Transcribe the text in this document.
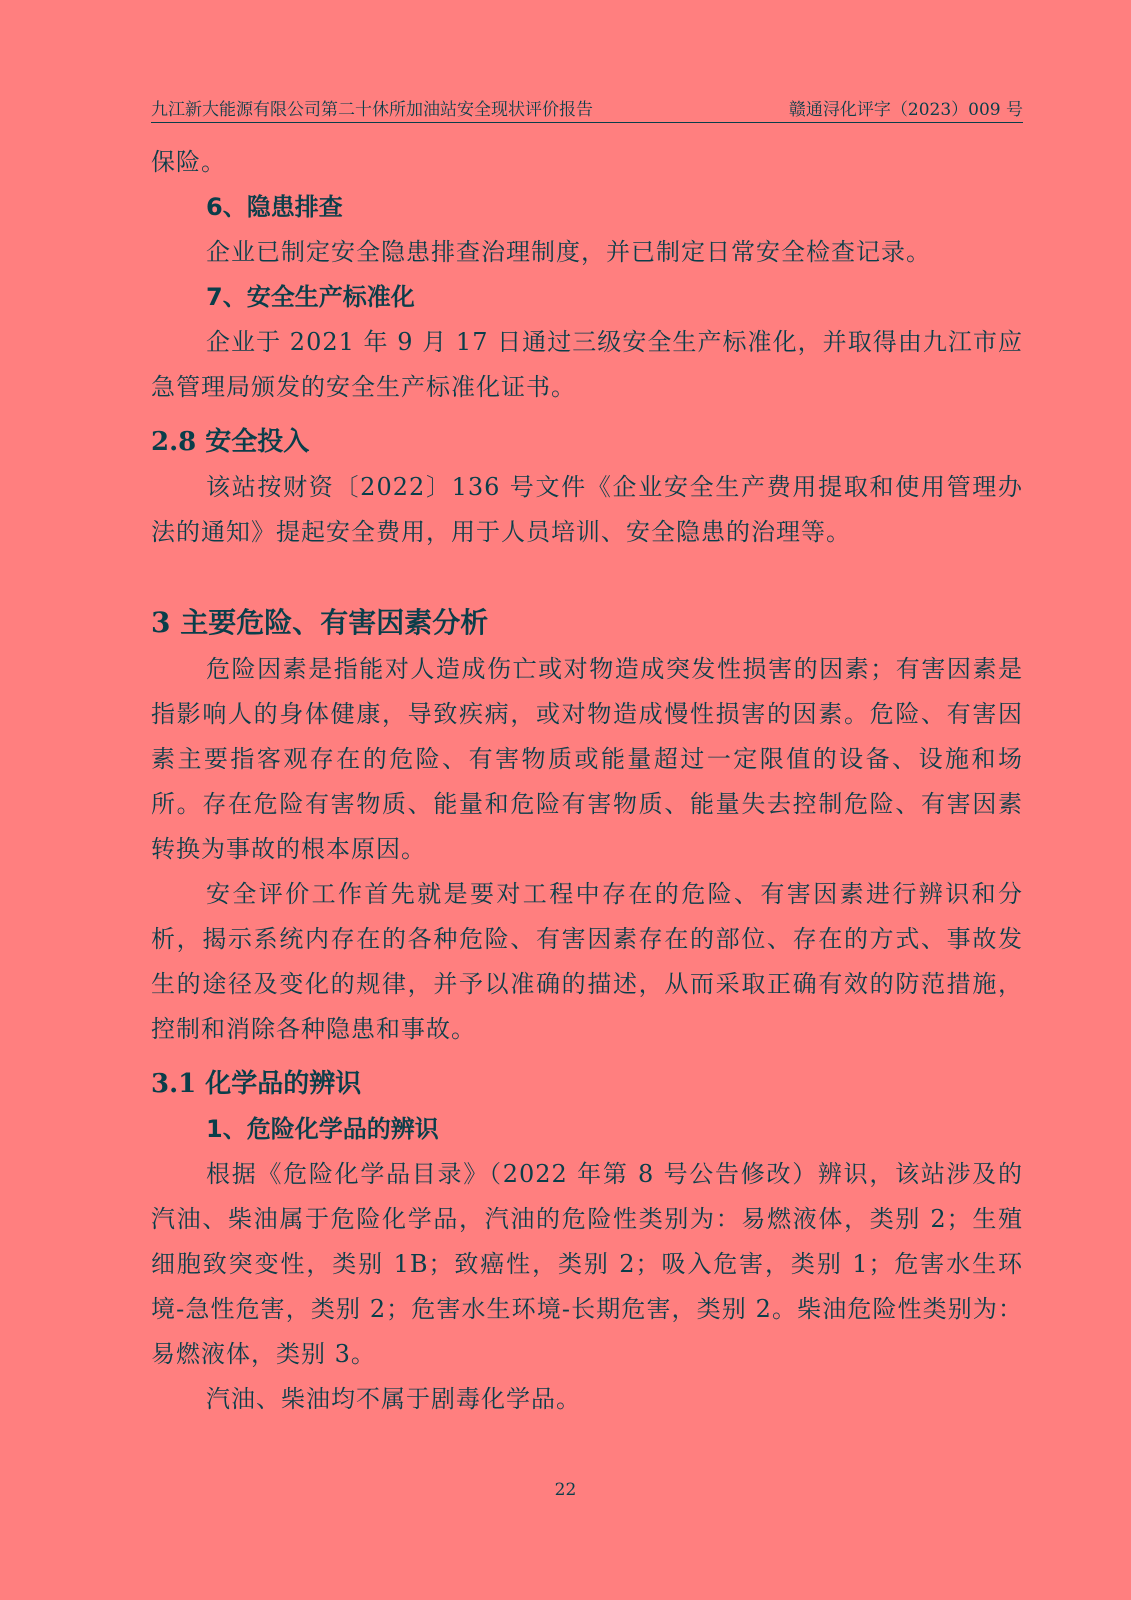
九江新大能源有限公司第二十休所加油站安全现状评价报告	赣通浔化评字（2023）009 号

保险。

6、隐患排查

企业已制定安全隐患排查治理制度，并已制定日常安全检查记录。

7、安全生产标准化

企业于 2021 年 9 月 17 日通过三级安全生产标准化，并取得由九江市应急管理局颁发的安全生产标准化证书。

2.8 安全投入

该站按财资〔2022〕136 号文件《企业安全生产费用提取和使用管理办法的通知》提起安全费用，用于人员培训、安全隐患的治理等。

3 主要危险、有害因素分析

危险因素是指能对人造成伤亡或对物造成突发性损害的因素；有害因素是指影响人的身体健康，导致疾病，或对物造成慢性损害的因素。危险、有害因素主要指客观存在的危险、有害物质或能量超过一定限值的设备、设施和场所。存在危险有害物质、能量和危险有害物质、能量失去控制危险、有害因素转换为事故的根本原因。

安全评价工作首先就是要对工程中存在的危险、有害因素进行辨识和分析，揭示系统内存在的各种危险、有害因素存在的部位、存在的方式、事故发生的途径及变化的规律，并予以准确的描述，从而采取正确有效的防范措施，控制和消除各种隐患和事故。

3.1 化学品的辨识
1、危险化学品的辨识

根据《危险化学品目录》（2022 年第 8 号公告修改）辨识，该站涉及的汽油、柴油属于危险化学品，汽油的危险性类别为：易燃液体，类别 2；生殖细胞致突变性，类别 1B；致癌性，类别 2；吸入危害，类别 1；危害水生环境-急性危害，类别 2；危害水生环境-长期危害，类别 2。柴油危险性类别为：易燃液体，类别 3。

汽油、柴油均不属于剧毒化学品。

22
